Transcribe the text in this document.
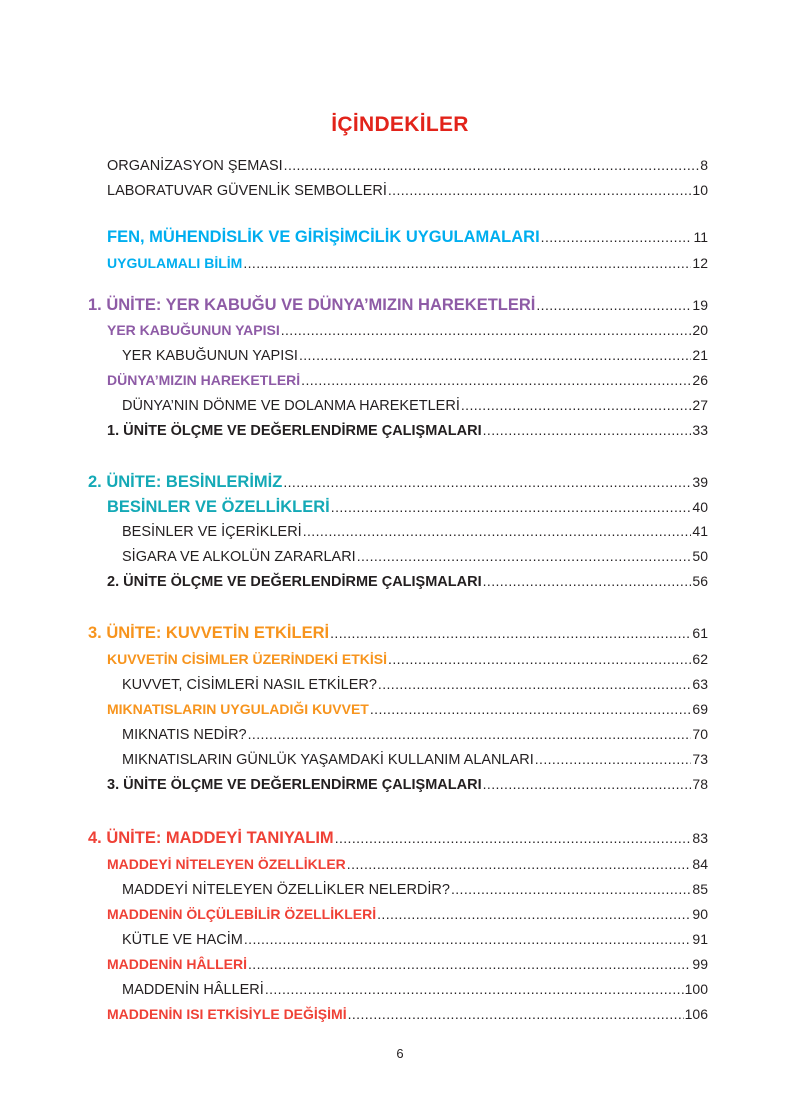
İÇİNDEKİLER
ORGANİZASYON ŞEMASI .....	8
LABORATUVAR GÜVENLİK SEMBOLLERİ .....	10
FEN, MÜHENDİSLİK VE GİRİŞİMCİLİK UYGULAMALARI .....	11
UYGULAMALI BİLİM .....	12
1. ÜNİTE: YER KABUĞU VE DÜNYA’MIZIN HAREKETLERİ .....	19
YER KABUĞUNUN YAPISI .....	20
YER KABUĞUNUN YAPISI .....	21
DÜNYA’MIZIN HAREKETLERİ .....	26
DÜNYA’NIN DÖNME VE DOLANMA HAREKETLERİ .....	27
1. ÜNİTE ÖLÇME VE DEĞERLENDİRME ÇALIŞMALARI .....	33
2. ÜNİTE: BESİNLERİMİZ .....	39
BESİNLER VE ÖZELLİKLERİ .....	40
BESİNLER VE İÇERİKLERİ .....	41
SİGARA VE ALKOLÜN ZARARLARI .....	50
2. ÜNİTE ÖLÇME VE DEĞERLENDİRME ÇALIŞMALARI .....	56
3. ÜNİTE: KUVVETİN ETKİLERİ .....	61
KUVVETİN CİSİMLER ÜZERİNDEKİ ETKİSİ .....	62
KUVVET, CİSİMLERİ NASIL ETKİLER? .....	63
MIKNATISLARIN UYGULADIĞI KUVVET .....	69
MIKNATIS NEDİR? .....	70
MIKNATISLARIN GÜNLÜK YAŞAMDAKİ KULLANIM ALANLARI .....	73
3. ÜNİTE ÖLÇME VE DEĞERLENDİRME ÇALIŞMALARI .....	78
4. ÜNİTE: MADDEYİ TANIYALIM .....	83
MADDEYİ NİTELEYEN ÖZELLİKLER .....	84
MADDEYİ NİTELEYEN ÖZELLİKLER NELERDİR? .....	85
MADDENİN ÖLÇÜLEBİLİR ÖZELLİKLERİ .....	90
KÜTLE VE HACİM .....	91
MADDENİN HÂLLERİ .....	99
MADDENİN HÂLLERİ .....	100
MADDENİN ISI ETKİSİYLE DEĞİŞİMİ .....	106
6
